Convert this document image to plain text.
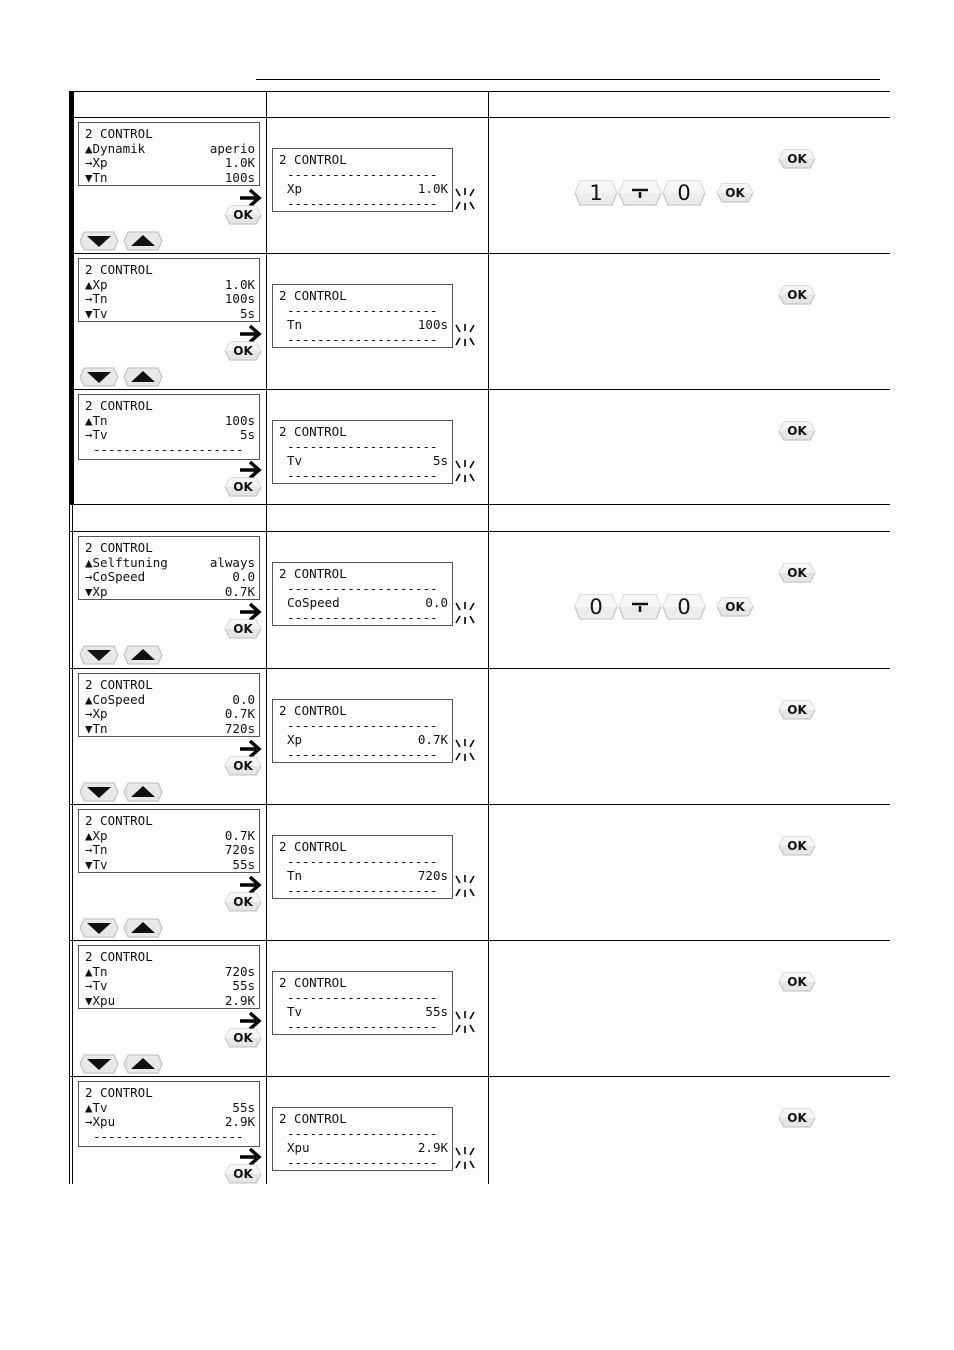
2 CONTROL
▲Dynamik	aperio
→Xp	1.0K
▼Tn	100s
OK
2 CONTROL
--------------------
Xp	1.0K
--------------------
OK
1	0	OK
2 CONTROL
▲Xp	1.0K
→Tn	100s
▼Tv	5s
OK
2 CONTROL
--------------------
Tn	100s
--------------------
OK
2 CONTROL
▲Tn	100s
→Tv	5s
--------------------
OK
2 CONTROL
--------------------
Tv	5s
--------------------
OK
2 CONTROL
▲Selftuning	always
→CoSpeed	0.0
▼Xp	0.7K
OK
2 CONTROL
--------------------
CoSpeed	0.0
--------------------
OK
0	0	OK
2 CONTROL
▲CoSpeed	0.0
→Xp	0.7K
▼Tn	720s
OK
2 CONTROL
--------------------
Xp	0.7K
--------------------
OK
2 CONTROL
▲Xp	0.7K
→Tn	720s
▼Tv	55s
OK
2 CONTROL
--------------------
Tn	720s
--------------------
OK
2 CONTROL
▲Tn	720s
→Tv	55s
▼Xpu	2.9K
OK
2 CONTROL
--------------------
Tv	55s
--------------------
OK
2 CONTROL
▲Tv	55s
→Xpu	2.9K
--------------------
OK
2 CONTROL
--------------------
Xpu	2.9K
--------------------
OK
